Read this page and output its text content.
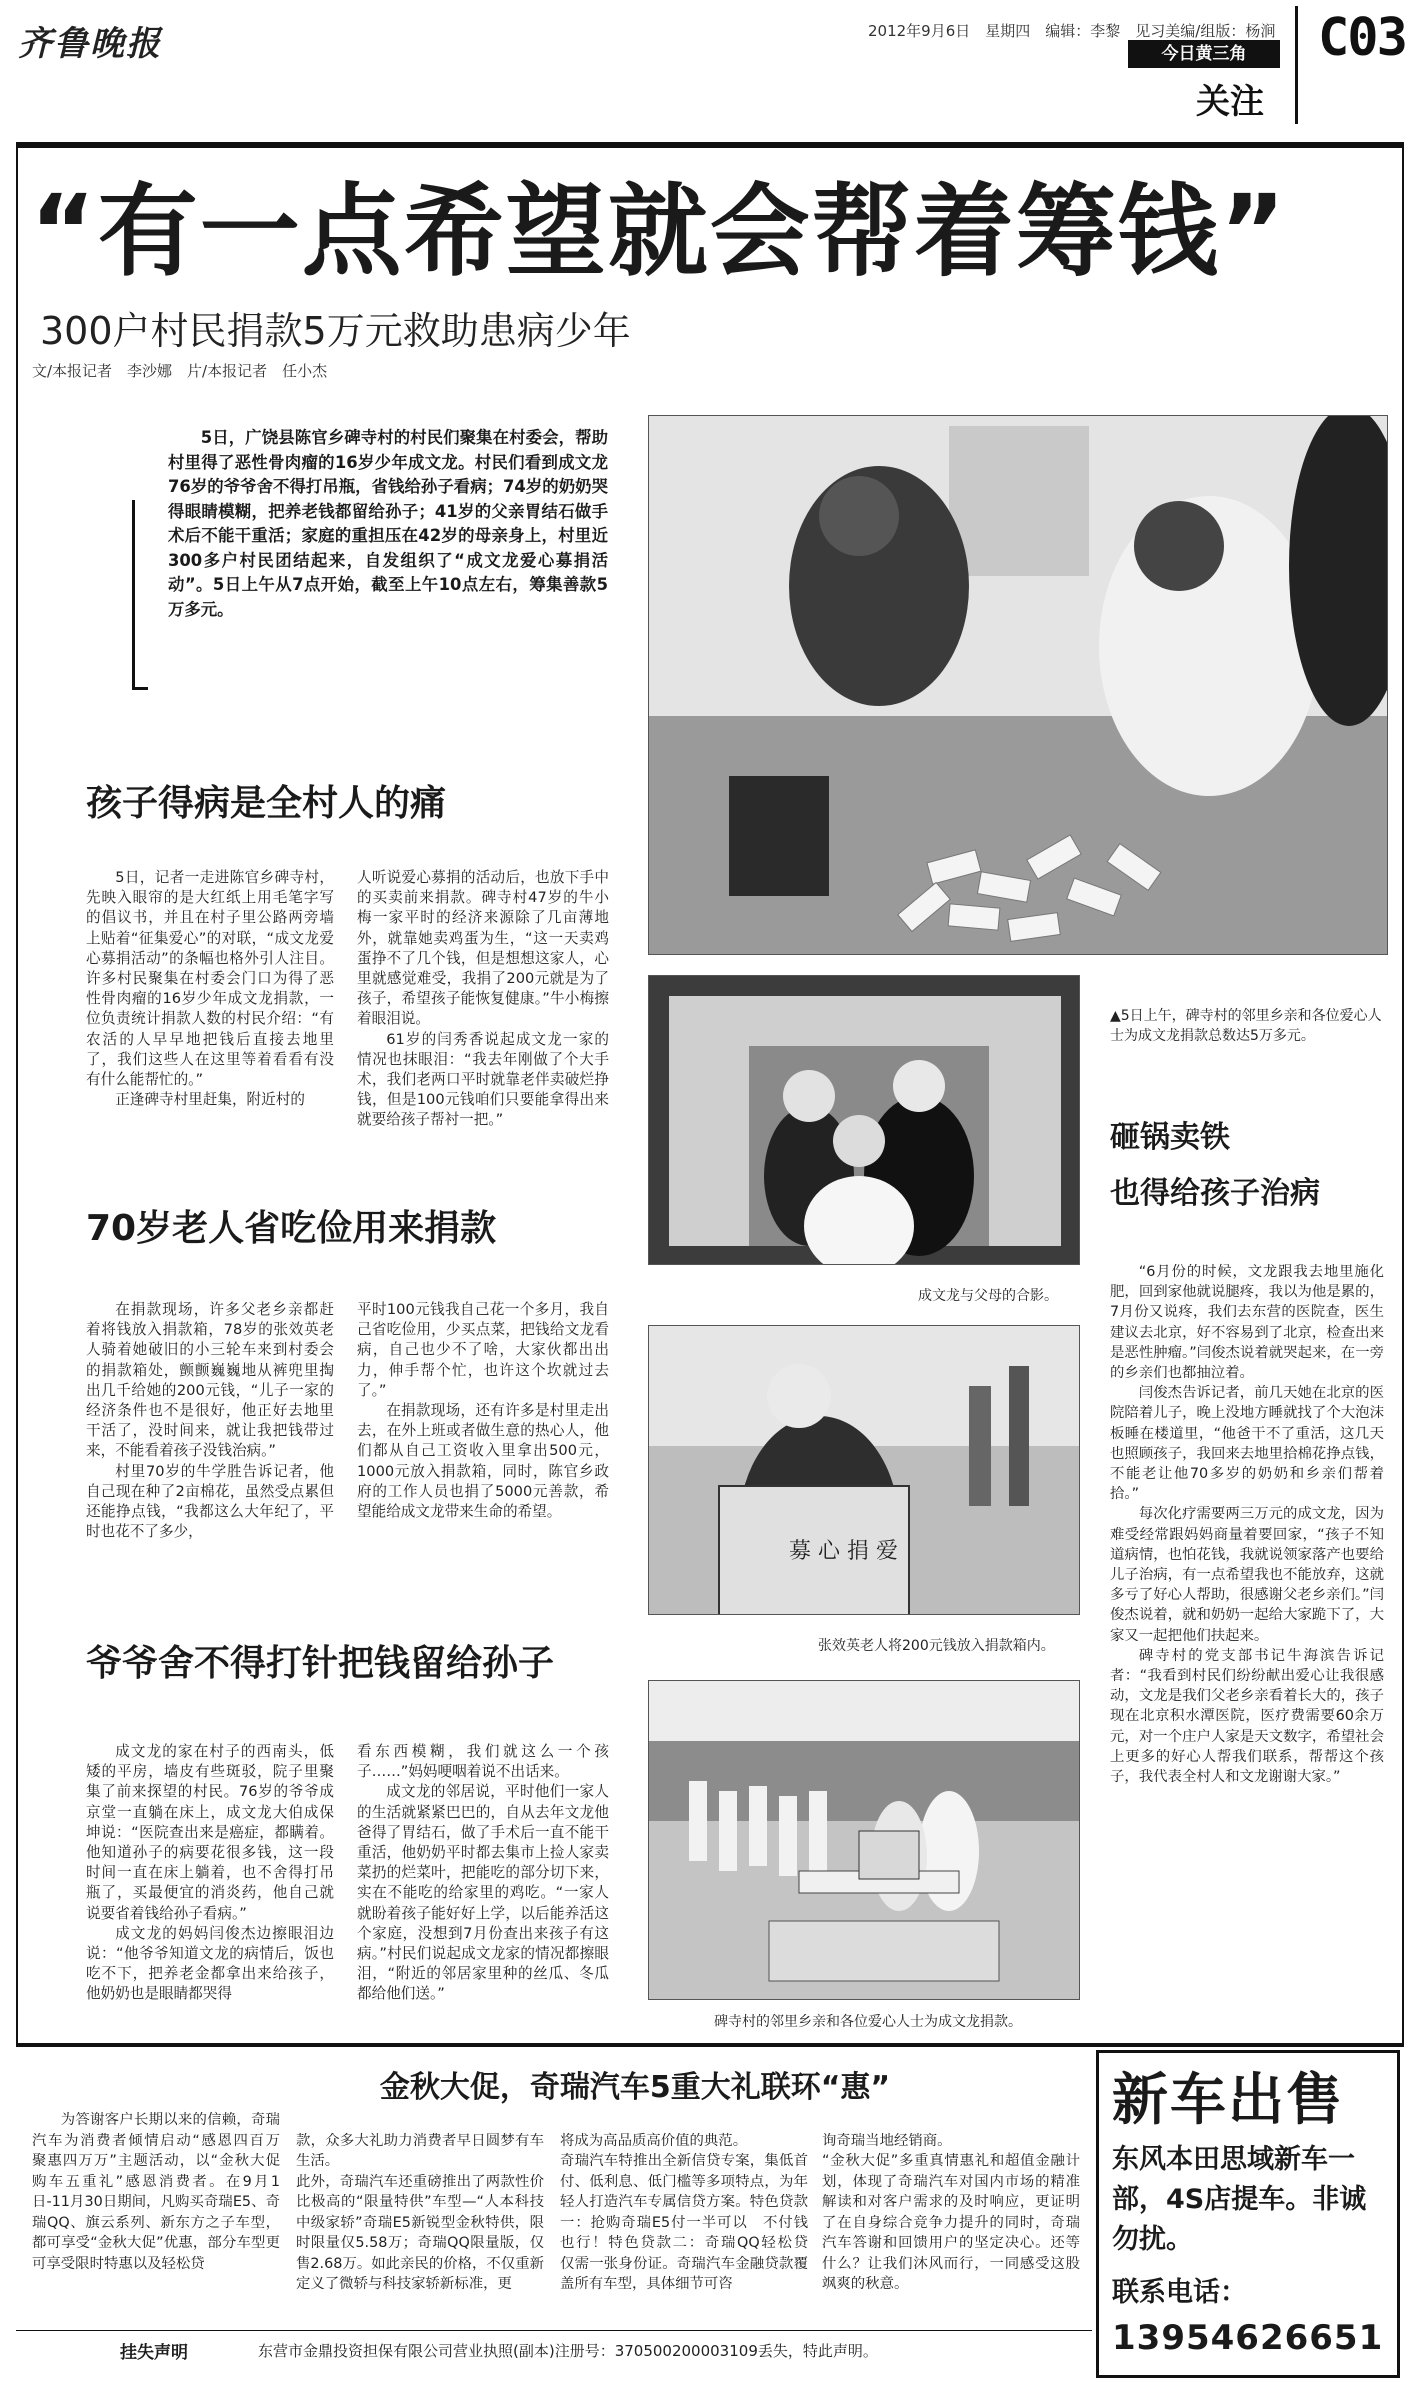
齐鲁晚报	2012年9月6日　星期四　编辑：李黎　见习美编/组版：杨涧
今日黄三角
关注
C03
“有一点希望就会帮着筹钱”
300户村民捐款5万元救助患病少年
文/本报记者　李沙娜　片/本报记者　任小杰

5日，广饶县陈官乡碑寺村的村民们聚集在村委会，帮助村里得了恶性骨肉瘤的16岁少年成文龙。村民们看到成文龙76岁的爷爷舍不得打吊瓶，省钱给孙子看病；74岁的奶奶哭得眼睛模糊，把养老钱都留给孙子；41岁的父亲胃结石做手术后不能干重活；家庭的重担压在42岁的母亲身上，村里近300多户村民团结起来，自发组织了“成文龙爱心募捐活动”。5日上午从7点开始，截至上午10点左右，筹集善款5万多元。

孩子得病是全村人的痛

5日，记者一走进陈官乡碑寺村，先映入眼帘的是大红纸上用毛笔字写的倡议书，并且在村子里公路两旁墙上贴着“征集爱心”的对联，“成文龙爱心募捐活动”的条幅也格外引人注目。许多村民聚集在村委会门口为得了恶性骨肉瘤的16岁少年成文龙捐款，一位负责统计捐款人数的村民介绍：“有农活的人早早地把钱后直接去地里了，我们这些人在这里等着看看有没有什么能帮忙的。”

正逢碑寺村里赶集，附近村的

人听说爱心募捐的活动后，也放下手中的买卖前来捐款。碑寺村47岁的牛小梅一家平时的经济来源除了几亩薄地外，就靠她卖鸡蛋为生，“这一天卖鸡蛋挣不了几个钱，但是想想这家人，心里就感觉难受，我捐了200元就是为了孩子，希望孩子能恢复健康。”牛小梅擦着眼泪说。

61岁的闫秀香说起成文龙一家的情况也抹眼泪：“我去年刚做了个大手术，我们老两口平时就靠老伴卖破烂挣钱，但是100元钱咱们只要能拿得出来就要给孩子帮衬一把。”

成文龙与父母的合影。
▲5日上午，碑寺村的邻里乡亲和各位爱心人士为成文龙捐款总数达5万多元。
砸锅卖铁
也得给孩子治病

“6月份的时候，文龙跟我去地里施化肥，回到家他就说腿疼，我以为他是累的，7月份又说疼，我们去东营的医院查，医生建议去北京，好不容易到了北京，检查出来是恶性肿瘤。”闫俊杰说着就哭起来，在一旁的乡亲们也都抽泣着。

闫俊杰告诉记者，前几天她在北京的医院陪着儿子，晚上没地方睡就找了个大泡沫板睡在楼道里，“他爸干不了重活，这几天也照顾孩子，我回来去地里拾棉花挣点钱，不能老让他70多岁的奶奶和乡亲们帮着拾。”

每次化疗需要两三万元的成文龙，因为难受经常跟妈妈商量着要回家，“孩子不知道病情，也怕花钱，我就说领家落产也要给儿子治病，有一点希望我也不能放弃，这就多亏了好心人帮助，很感谢父老乡亲们。”闫俊杰说着，就和奶奶一起给大家跪下了，大家又一起把他们扶起来。

碑寺村的党支部书记牛海滨告诉记者：“我看到村民们纷纷献出爱心让我很感动，文龙是我们父老乡亲看着长大的，孩子现在北京积水潭医院，医疗费需要60余万元，对一个庄户人家是天文数字，希望社会上更多的好心人帮我们联系，帮帮这个孩子，我代表全村人和文龙谢谢大家。”

70岁老人省吃俭用来捐款

在捐款现场，许多父老乡亲都赶着将钱放入捐款箱，78岁的张效英老人骑着她破旧的小三轮车来到村委会的捐款箱处，颤颤巍巍地从裤兜里掏出几千给她的200元钱，“儿子一家的经济条件也不是很好，他正好去地里干活了，没时间来，就让我把钱带过来，不能看着孩子没钱治病。”

村里70岁的牛学胜告诉记者，他自己现在种了2亩棉花，虽然受点累但还能挣点钱，“我都这么大年纪了，平时也花不了多少，

平时100元钱我自己花一个多月，我自己省吃俭用，少买点菜，把钱给文龙看病，自己也少不了啥，大家伙都出出力，伸手帮个忙，也许这个坎就过去了。”

在捐款现场，还有许多是村里走出去，在外上班或者做生意的热心人，他们都从自己工资收入里拿出500元，1000元放入捐款箱，同时，陈官乡政府的工作人员也捐了5000元善款，希望能给成文龙带来生命的希望。

募 心 捐 爱
张效英老人将200元钱放入捐款箱内。
爷爷舍不得打针把钱留给孙子

成文龙的家在村子的西南头，低矮的平房，墙皮有些斑驳，院子里聚集了前来探望的村民。76岁的爷爷成京堂一直躺在床上，成文龙大伯成保坤说：“医院查出来是癌症，都瞒着。他知道孙子的病要花很多钱，这一段时间一直在床上躺着，也不舍得打吊瓶了，买最便宜的消炎药，他自己就说要省着钱给孙子看病。”

成文龙的妈妈闫俊杰边擦眼泪边说：“他爷爷知道文龙的病情后，饭也吃不下，把养老金都拿出来给孩子，他奶奶也是眼睛都哭得

看东西模糊，我们就这么一个孩子……”妈妈哽咽着说不出话来。

成文龙的邻居说，平时他们一家人的生活就紧紧巴巴的，自从去年文龙他爸得了胃结石，做了手术后一直不能干重活，他奶奶平时都去集市上捡人家卖菜扔的烂菜叶，把能吃的部分切下来，实在不能吃的给家里的鸡吃。“一家人就盼着孩子能好好上学，以后能养活这个家庭，没想到7月份查出来孩子有这病。”村民们说起成文龙家的情况都擦眼泪，“附近的邻居家里种的丝瓜、冬瓜都给他们送。”

碑寺村的邻里乡亲和各位爱心人士为成文龙捐款。
金秋大促，奇瑞汽车5重大礼联环“惠”

为答谢客户长期以来的信赖，奇瑞汽车为消费者倾情启动“感恩四百万　聚惠四万万”主题活动，以“金秋大促　购车五重礼”感恩消费者。在9月1日-11月30日期间，凡购买奇瑞E5、奇瑞QQ、旗云系列、新东方之子车型，都可享受“金秋大促”优惠，部分车型更可享受限时特惠以及轻松贷

款，众多大礼助力消费者早日圆梦有车生活。
此外，奇瑞汽车还重磅推出了两款性价比极高的“限量特供”车型—“人本科技中级家轿”奇瑞E5新锐型金秋特供，限时限量仅5.58万；奇瑞QQ限量版，仅售2.68万。如此亲民的价格，不仅重新定义了微轿与科技家轿新标准，更

将成为高品质高价值的典范。
奇瑞汽车特推出全新信贷专案，集低首付、低利息、低门槛等多项特点，为年轻人打造汽车专属信贷方案。特色贷款一：抢购奇瑞E5付一半可以　不付钱也行！特色贷款二：奇瑞QQ轻松贷　仅需一张身份证。奇瑞汽车金融贷款覆盖所有车型，具体细节可咨

询奇瑞当地经销商。
“金秋大促”多重真情惠礼和超值金融计划，体现了奇瑞汽车对国内市场的精准解读和对客户需求的及时响应，更证明了在自身综合竞争力提升的同时，奇瑞汽车答谢和回馈用户的坚定决心。还等什么？让我们沐风而行，一同感受这股飒爽的秋意。

新车出售
东风本田思域新车一部，4S店提车。非诚勿扰。
联系电话：
13954626651
挂失声明	东营市金鼎投资担保有限公司营业执照(副本)注册号：370500200003109丢失，特此声明。
